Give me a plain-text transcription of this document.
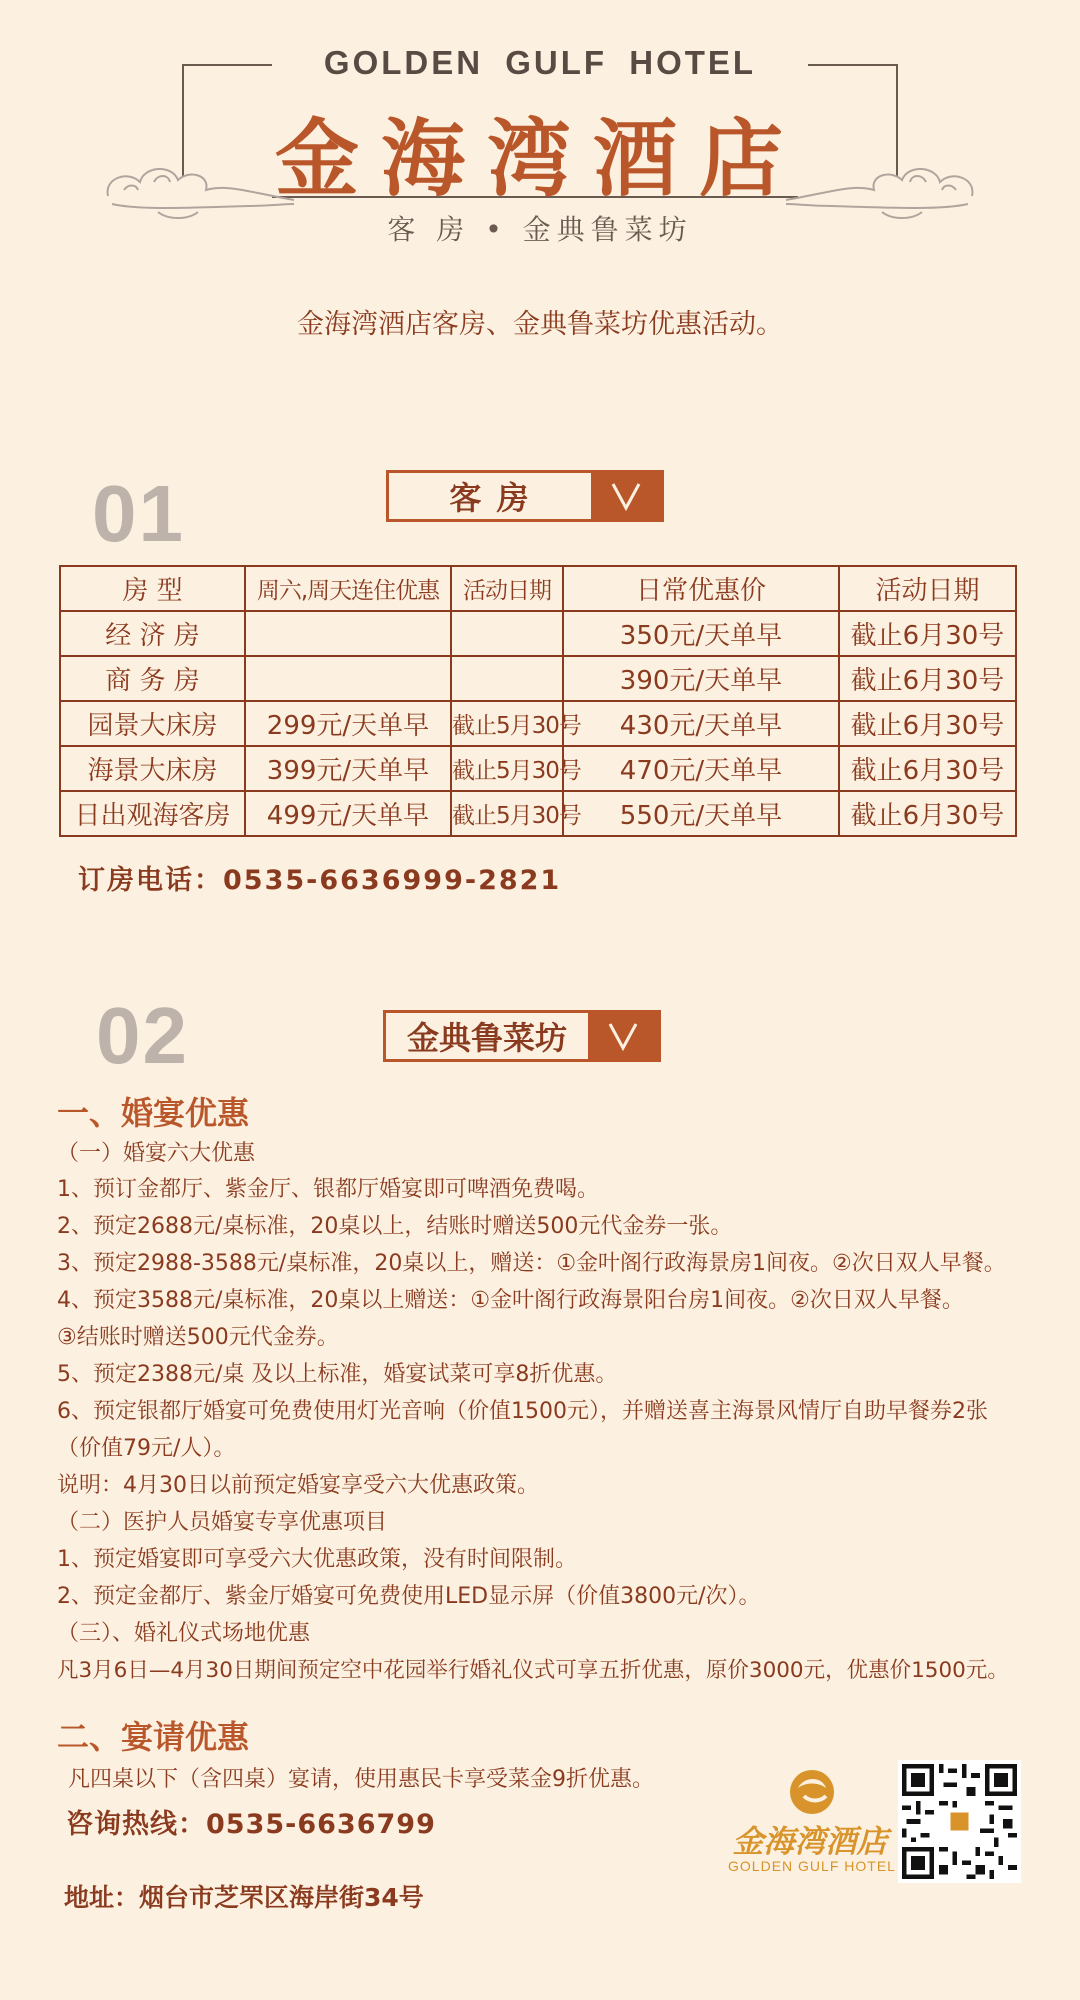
GOLDEN GULF HOTEL
金海湾酒店
客 房 • 金典鲁菜坊
金海湾酒店客房、金典鲁菜坊优惠活动。
01	客 房
房 型	周六,周天连住优惠	活动日期	日常优惠价	活动日期
经 济 房			350元/天单早	截止6月30号
商 务 房			390元/天单早	截止6月30号
园景大床房	299元/天单早	截止5月30号	430元/天单早	截止6月30号
海景大床房	399元/天单早	截止5月30号	470元/天单早	截止6月30号
日出观海客房	499元/天单早	截止5月30号	550元/天单早	截止6月30号
订房电话：0535-6636999-2821
02	金典鲁菜坊
一、婚宴优惠
（一）婚宴六大优惠
1、预订金都厅、紫金厅、银都厅婚宴即可啤酒免费喝。
2、预定2688元/桌标准，20桌以上，结账时赠送500元代金券一张。
3、预定2988-3588元/桌标准，20桌以上，赠送：①金叶阁行政海景房1间夜。②次日双人早餐。
4、预定3588元/桌标准，20桌以上赠送：①金叶阁行政海景阳台房1间夜。②次日双人早餐。
③结账时赠送500元代金券。
5、预定2388元/桌 及以上标准，婚宴试菜可享8折优惠。
6、预定银都厅婚宴可免费使用灯光音响（价值1500元），并赠送喜主海景风情厅自助早餐券2张
（价值79元/人）。
说明：4月30日以前预定婚宴享受六大优惠政策。
（二）医护人员婚宴专享优惠项目
1、预定婚宴即可享受六大优惠政策，没有时间限制。
2、预定金都厅、紫金厅婚宴可免费使用LED显示屏（价值3800元/次）。
（三）、婚礼仪式场地优惠
凡3月6日—4月30日期间预定空中花园举行婚礼仪式可享五折优惠，原价3000元，优惠价1500元。
二、宴请优惠
凡四桌以下（含四桌）宴请，使用惠民卡享受菜金9折优惠。
咨询热线：0535-6636799
地址：烟台市芝罘区海岸街34号
金海湾酒店
GOLDEN GULF HOTEL
